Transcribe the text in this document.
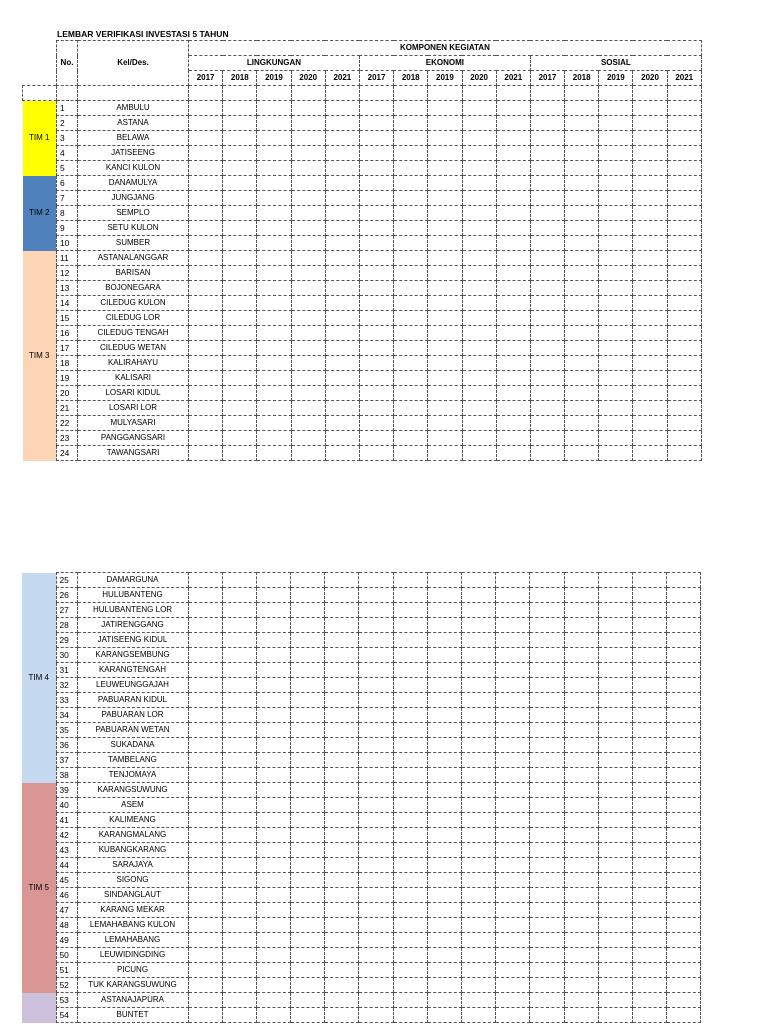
LEMBAR VERIFIKASI INVESTASI 5 TAHUN
	No.	Kel/Des.	KOMPONEN KEGIATAN														
			LINGKUNGAN					EKONOMI					SOSIAL				
			2017	2018	2019	2020	2021	2017	2018	2019	2020	2021	2017	2018	2019	2020	2021

TIM 1	1	AMBULU															
	2	ASTANA															
	3	BELAWA															
	4	JATISEENG															
	5	KANCI KULON															
TIM 2	6	DANAMULYA															
	7	JUNGJANG															
	8	SEMPLO															
	9	SETU KULON															
	10	SUMBER															
TIM 3	11	ASTANALANGGAR															
	12	BARISAN															
	13	BOJONEGARA															
	14	CILEDUG KULON															
	15	CILEDUG LOR															
	16	CILEDUG TENGAH															
	17	CILEDUG WETAN															
	18	KALIRAHAYU															
	19	KALISARI															
	20	LOSARI KIDUL															
	21	LOSARI LOR															
	22	MULYASARI															
	23	PANGGANGSARI															
	24	TAWANGSARI															
TIM 4	25	DAMARGUNA															
	26	HULUBANTENG															
	27	HULUBANTENG LOR															
	28	JATIRENGGANG															
	29	JATISEENG KIDUL															
	30	KARANGSEMBUNG															
	31	KARANGTENGAH															
	32	LEUWEUNGGAJAH															
	33	PABUARAN KIDUL															
	34	PABUARAN LOR															
	35	PABUARAN WETAN															
	36	SUKADANA															
	37	TAMBELANG															
	38	TENJOMAYA															
TIM 5	39	KARANGSUWUNG															
	40	ASEM															
	41	KALIMEANG															
	42	KARANGMALANG															
	43	KUBANGKARANG															
	44	SARAJAYA															
	45	SIGONG															
	46	SINDANGLAUT															
	47	KARANG MEKAR															
	48	LEMAHABANG KULON															
	49	LEMAHABANG															
	50	LEUWIDINGDING															
	51	PICUNG															
	52	TUK KARANGSUWUNG															
	53	ASTANAJAPURA															
	54	BUNTET															
